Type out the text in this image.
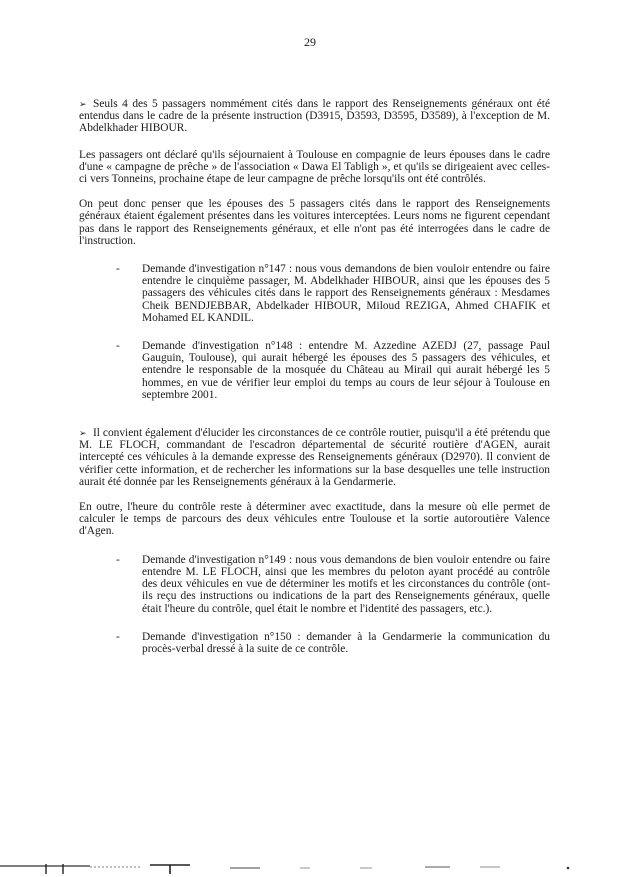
29

➢ Seuls 4 des 5 passagers nommément cités dans le rapport des Renseignements généraux ont été entendus dans le cadre de la présente instruction (D3915, D3593, D3595, D3589), à l'exception de M. Abdelkhader HIBOUR.

Les passagers ont déclaré qu'ils séjournaient à Toulouse en compagnie de leurs épouses dans le cadre d'une « campagne de prêche » de l'association « Dawa El Tabligh », et qu'ils se dirigeaient avec celles-ci vers Tonneins, prochaine étape de leur campagne de prêche lorsqu'ils ont été contrôlés.

On peut donc penser que les épouses des 5 passagers cités dans le rapport des Renseignements généraux étaient également présentes dans les voitures interceptées. Leurs noms ne figurent cependant pas dans le rapport des Renseignements généraux, et elle n'ont pas été interrogées dans le cadre de l'instruction.

- Demande d'investigation n°147 : nous vous demandons de bien vouloir entendre ou faire entendre le cinquième passager, M. Abdelkhader HIBOUR, ainsi que les épouses des 5 passagers des véhicules cités dans le rapport des Renseignements généraux : Mesdames Cheik BENDJEBBAR, Abdelkader HIBOUR, Miloud REZIGA, Ahmed CHAFIK et Mohamed EL KANDIL.

- Demande d'investigation n°148 : entendre M. Azzedine AZEDJ (27, passage Paul Gauguin, Toulouse), qui aurait hébergé les épouses des 5 passagers des véhicules, et entendre le responsable de la mosquée du Château au Mirail qui aurait hébergé les 5 hommes, en vue de vérifier leur emploi du temps au cours de leur séjour à Toulouse en septembre 2001.

➢ Il convient également d'élucider les circonstances de ce contrôle routier, puisqu'il a été prétendu que M. LE FLOCH, commandant de l'escadron départemental de sécurité routière d'AGEN, aurait intercepté ces véhicules à la demande expresse des Renseignements généraux (D2970). Il convient de vérifier cette information, et de rechercher les informations sur la base desquelles une telle instruction aurait été donnée par les Renseignements généraux à la Gendarmerie.

En outre, l'heure du contrôle reste à déterminer avec exactitude, dans la mesure où elle permet de calculer le temps de parcours des deux véhicules entre Toulouse et la sortie autoroutière Valence d'Agen.

- Demande d'investigation n°149 : nous vous demandons de bien vouloir entendre ou faire entendre M. LE FLOCH, ainsi que les membres du peloton ayant procédé au contrôle des deux véhicules en vue de déterminer les motifs et les circonstances du contrôle (ont-ils reçu des instructions ou indications de la part des Renseignements généraux, quelle était l'heure du contrôle, quel était le nombre et l'identité des passagers, etc.).

- Demande d'investigation n°150 : demander à la Gendarmerie la communication du procès-verbal dressé à la suite de ce contrôle.
